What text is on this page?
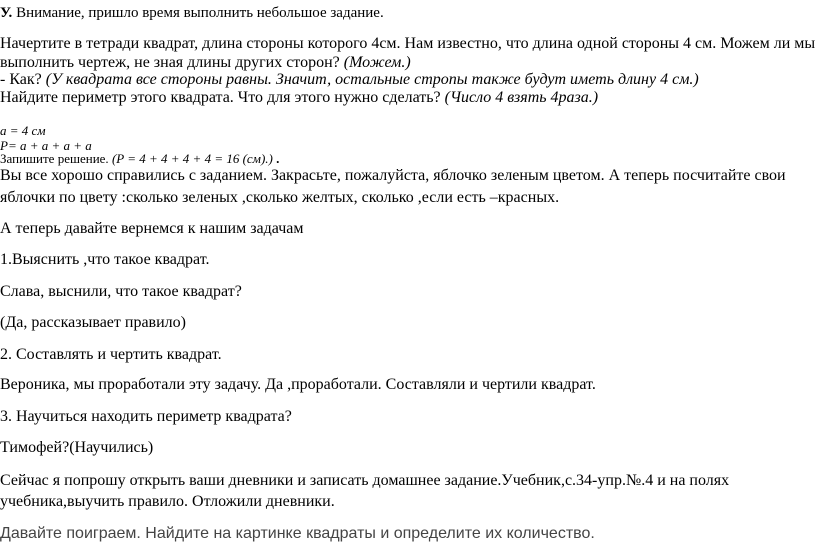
У. Внимание, пришло время выполнить небольшое задание.
Начертите в тетради квадрат, длина стороны которого 4см. Нам известно, что длина одной стороны 4 см. Можем ли мы
выполнить чертеж, не зная длины других сторон? (Можем.)
- Как? (У квадрата все стороны равны. Значит, остальные стропы также будут иметь длину 4 см.)
Найдите периметр этого квадрата. Что для этого нужно сделать? (Число 4 взять 4раза.)
a = 4 см
P= a + a + a + a
Запишите решение. (P = 4 + 4 + 4 + 4 = 16 (см).) .
Вы все хорошо справились с заданием. Закрасьте, пожалуйста, яблочко зеленым цветом. А теперь посчитайте свои
яблочки по цвету :сколько зеленых ,сколько желтых, сколько ,если есть –красных.
А теперь давайте вернемся к нашим задачам
1.Выяснить ,что такое квадрат.
Слава, выснили, что такое квадрат?
(Да, рассказывает правило)
2. Составлять и чертить квадрат.
Вероника, мы проработали эту задачу. Да ,проработали. Составляли и чертили квадрат.
3. Научиться находить периметр квадрата?
Тимофей?(Научились)
Сейчас я попрошу открыть ваши дневники и записать домашнее задание.Учебник,с.34-упр.№.4 и на полях
учебника,выучить правило. Отложили дневники.
Давайте поиграем. Найдите на картинке квадраты и определите их количество.
